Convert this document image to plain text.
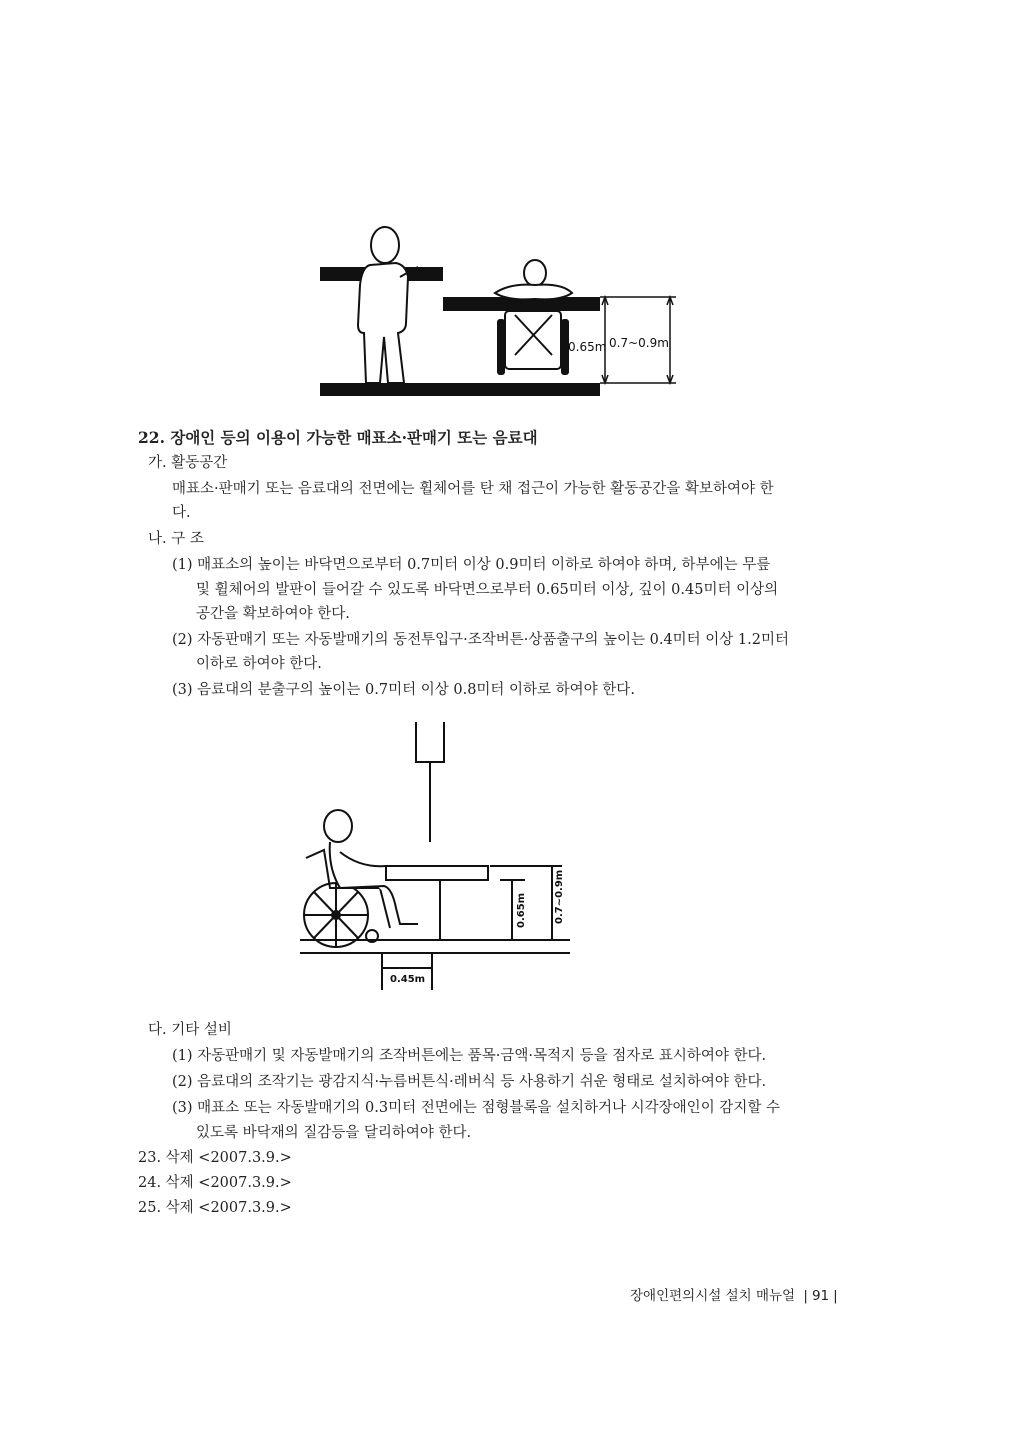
0.65m 0.7~0.9m
22. 장애인 등의 이용이 가능한 매표소·판매기 또는 음료대
가. 활동공간
매표소·판매기 또는 음료대의 전면에는 휠체어를 탄 채 접근이 가능한 활동공간을 확보하여야 한
다.
나. 구 조
(1) 매표소의 높이는 바닥면으로부터 0.7미터 이상 0.9미터 이하로 하여야 하며, 하부에는 무릎
및 휠체어의 발판이 들어갈 수 있도록 바닥면으로부터 0.65미터 이상, 깊이 0.45미터 이상의
공간을 확보하여야 한다.
(2) 자동판매기 또는 자동발매기의 동전투입구·조작버튼·상품출구의 높이는 0.4미터 이상 1.2미터
이하로 하여야 한다.
(3) 음료대의 분출구의 높이는 0.7미터 이상 0.8미터 이하로 하여야 한다.
0.65m	0.7~0.9m
0.45m
다. 기타 설비
(1) 자동판매기 및 자동발매기의 조작버튼에는 품목·금액·목적지 등을 점자로 표시하여야 한다.
(2) 음료대의 조작기는 광감지식·누름버튼식·레버식 등 사용하기 쉬운 형태로 설치하여야 한다.
(3) 매표소 또는 자동발매기의 0.3미터 전면에는 점형블록을 설치하거나 시각장애인이 감지할 수
있도록 바닥재의 질감등을 달리하여야 한다.
23. 삭제 <2007.3.9.>
24. 삭제 <2007.3.9.>
25. 삭제 <2007.3.9.>
장애인편의시설 설치 매뉴얼 | 91 |
